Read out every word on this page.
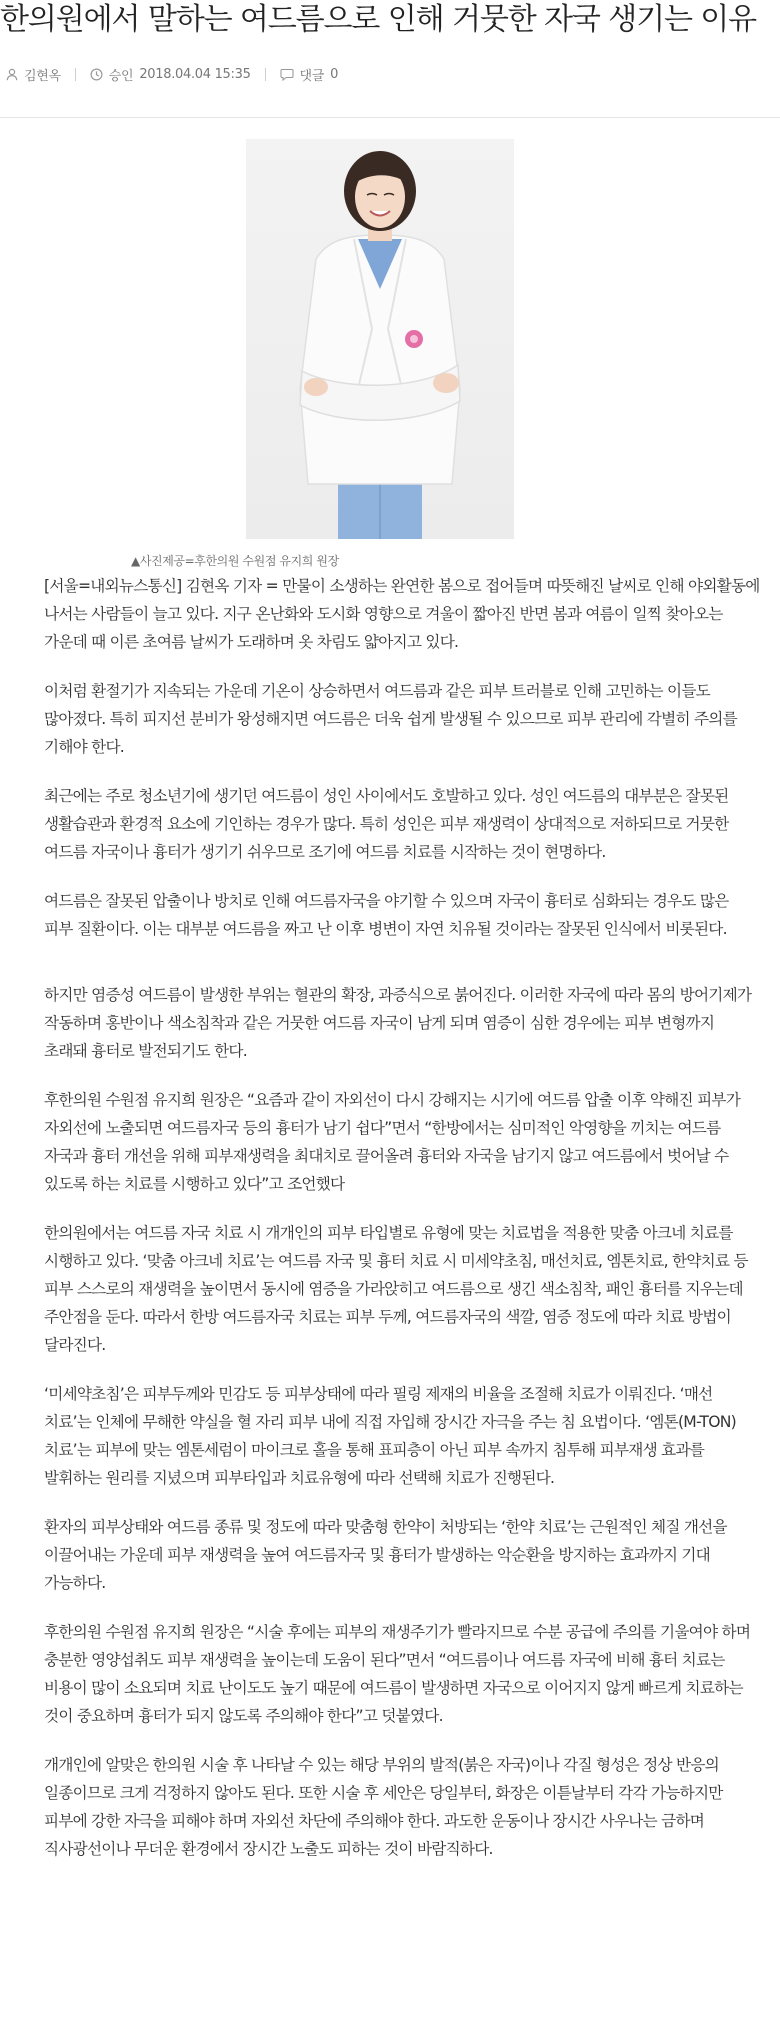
한의원에서 말하는 여드름으로 인해 거뭇한 자국 생기는 이유
김현옥	승인 2018.04.04 15:35	댓글 0
▲사진제공=후한의원 수원점 유지희 원장

[서울=내외뉴스통신] 김현옥 기자 = 만물이 소생하는 완연한 봄으로 접어들며 따뜻해진 날씨로 인해 야외활동에 나서는 사람들이 늘고 있다. 지구 온난화와 도시화 영향으로 겨울이 짧아진 반면 봄과 여름이 일찍 찾아오는 가운데 때 이른 초여름 날씨가 도래하며 옷 차림도 얇아지고 있다.

이처럼 환절기가 지속되는 가운데 기온이 상승하면서 여드름과 같은 피부 트러블로 인해 고민하는 이들도 많아졌다. 특히 피지선 분비가 왕성해지면 여드름은 더욱 쉽게 발생될 수 있으므로 피부 관리에 각별히 주의를 기해야 한다.

최근에는 주로 청소년기에 생기던 여드름이 성인 사이에서도 호발하고 있다. 성인 여드름의 대부분은 잘못된 생활습관과 환경적 요소에 기인하는 경우가 많다. 특히 성인은 피부 재생력이 상대적으로 저하되므로 거뭇한 여드름 자국이나 흉터가 생기기 쉬우므로 조기에 여드름 치료를 시작하는 것이 현명하다.

여드름은 잘못된 압출이나 방치로 인해 여드름자국을 야기할 수 있으며 자국이 흉터로 심화되는 경우도 많은 피부 질환이다. 이는 대부분 여드름을 짜고 난 이후 병변이 자연 치유될 것이라는 잘못된 인식에서 비롯된다.

하지만 염증성 여드름이 발생한 부위는 혈관의 확장, 과증식으로 붉어진다. 이러한 자국에 따라 몸의 방어기제가 작동하며 홍반이나 색소침착과 같은 거뭇한 여드름 자국이 남게 되며 염증이 심한 경우에는 피부 변형까지 초래돼 흉터로 발전되기도 한다.

후한의원 수원점 유지희 원장은 “요즘과 같이 자외선이 다시 강해지는 시기에 여드름 압출 이후 약해진 피부가 자외선에 노출되면 여드름자국 등의 흉터가 남기 쉽다”면서 “한방에서는 심미적인 악영향을 끼치는 여드름 자국과 흉터 개선을 위해 피부재생력을 최대치로 끌어올려 흉터와 자국을 남기지 않고 여드름에서 벗어날 수 있도록 하는 치료를 시행하고 있다”고 조언했다

한의원에서는 여드름 자국 치료 시 개개인의 피부 타입별로 유형에 맞는 치료법을 적용한 맞춤 아크네 치료를 시행하고 있다. ‘맞춤 아크네 치료’는 여드름 자국 및 흉터 치료 시 미세약초침, 매선치료, 엠톤치료, 한약치료 등 피부 스스로의 재생력을 높이면서 동시에 염증을 가라앉히고 여드름으로 생긴 색소침착, 패인 흉터를 지우는데 주안점을 둔다. 따라서 한방 여드름자국 치료는 피부 두께, 여드름자국의 색깔, 염증 정도에 따라 치료 방법이 달라진다.

‘미세약초침’은 피부두께와 민감도 등 피부상태에 따라 필링 제재의 비율을 조절해 치료가 이뤄진다. ‘매선 치료’는 인체에 무해한 약실을 혈 자리 피부 내에 직접 자입해 장시간 자극을 주는 침 요법이다. ‘엠톤(M-TON)치료’는 피부에 맞는 엠톤세럼이 마이크로 홀을 통해 표피층이 아닌 피부 속까지 침투해 피부재생 효과를 발휘하는 원리를 지녔으며 피부타입과 치료유형에 따라 선택해 치료가 진행된다.

환자의 피부상태와 여드름 종류 및 정도에 따라 맞춤형 한약이 처방되는 ‘한약 치료’는 근원적인 체질 개선을 이끌어내는 가운데 피부 재생력을 높여 여드름자국 및 흉터가 발생하는 악순환을 방지하는 효과까지 기대 가능하다.

후한의원 수원점 유지희 원장은 “시술 후에는 피부의 재생주기가 빨라지므로 수분 공급에 주의를 기울여야 하며 충분한 영양섭취도 피부 재생력을 높이는데 도움이 된다”면서 “여드름이나 여드름 자국에 비해 흉터 치료는 비용이 많이 소요되며 치료 난이도도 높기 때문에 여드름이 발생하면 자국으로 이어지지 않게 빠르게 치료하는 것이 중요하며 흉터가 되지 않도록 주의해야 한다”고 덧붙였다.

개개인에 알맞은 한의원 시술 후 나타날 수 있는 해당 부위의 발적(붉은 자국)이나 각질 형성은 정상 반응의 일종이므로 크게 걱정하지 않아도 된다. 또한 시술 후 세안은 당일부터, 화장은 이튿날부터 각각 가능하지만 피부에 강한 자극을 피해야 하며 자외선 차단에 주의해야 한다. 과도한 운동이나 장시간 사우나는 금하며 직사광선이나 무더운 환경에서 장시간 노출도 피하는 것이 바람직하다.
